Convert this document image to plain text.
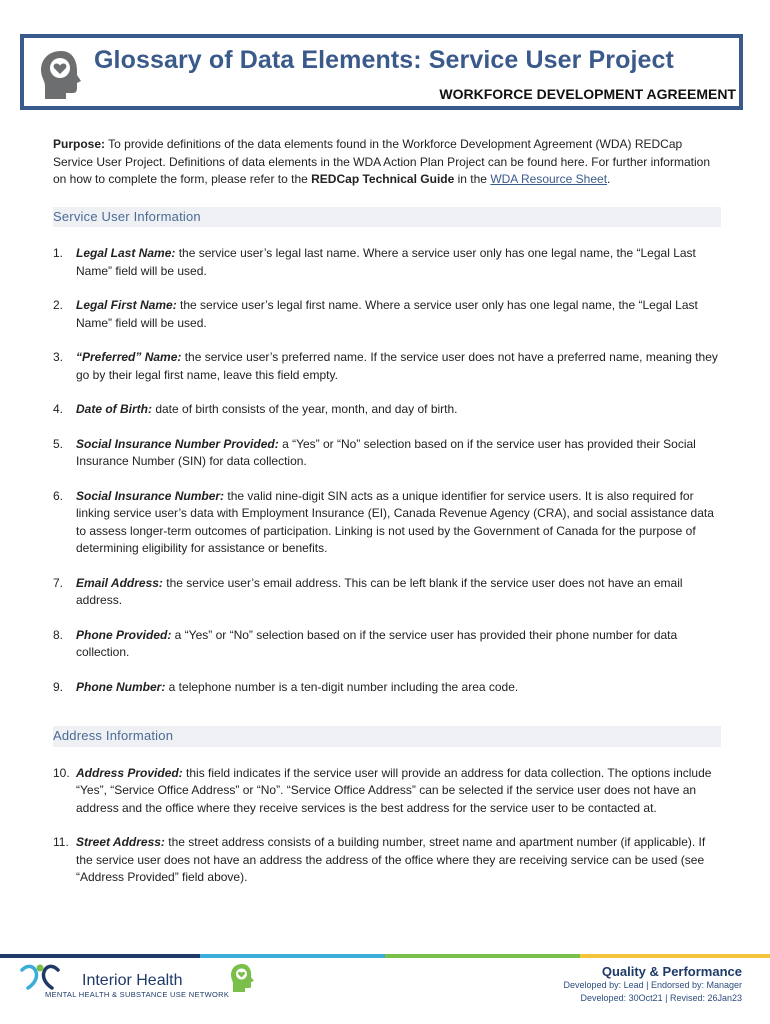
Glossary of Data Elements: Service User Project
WORKFORCE DEVELOPMENT AGREEMENT

Purpose: To provide definitions of the data elements found in the Workforce Development Agreement (WDA) REDCap Service User Project. Definitions of data elements in the WDA Action Plan Project can be found here. For further information on how to complete the form, please refer to the REDCap Technical Guide in the WDA Resource Sheet.

Service User Information
1. Legal Last Name: the service user’s legal last name. Where a service user only has one legal name, the “Legal Last Name” field will be used.
2. Legal First Name: the service user’s legal first name. Where a service user only has one legal name, the “Legal Last Name” field will be used.
3. “Preferred” Name: the service user’s preferred name. If the service user does not have a preferred name, meaning they go by their legal first name, leave this field empty.
4. Date of Birth: date of birth consists of the year, month, and day of birth.
5. Social Insurance Number Provided: a “Yes” or “No” selection based on if the service user has provided their Social Insurance Number (SIN) for data collection.
6. Social Insurance Number: the valid nine-digit SIN acts as a unique identifier for service users. It is also required for linking service user’s data with Employment Insurance (EI), Canada Revenue Agency (CRA), and social assistance data to assess longer-term outcomes of participation. Linking is not used by the Government of Canada for the purpose of determining eligibility for assistance or benefits.
7. Email Address: the service user’s email address. This can be left blank if the service user does not have an email address.
8. Phone Provided: a “Yes” or “No” selection based on if the service user has provided their phone number for data collection.
9. Phone Number: a telephone number is a ten-digit number including the area code.
Address Information
10. Address Provided: this field indicates if the service user will provide an address for data collection. The options include “Yes”, “Service Office Address” or “No”. “Service Office Address” can be selected if the service user does not have an address and the office where they receive services is the best address for the service user to be contacted at.
11. Street Address: the street address consists of a building number, street name and apartment number (if applicable). If the service user does not have an address the address of the office where they are receiving service can be used (see “Address Provided” field above).
Interior Health
MENTAL HEALTH & SUBSTANCE USE NETWORK
Quality & Performance
Developed by: Lead | Endorsed by: Manager
Developed: 30Oct21 | Revised: 26Jan23
